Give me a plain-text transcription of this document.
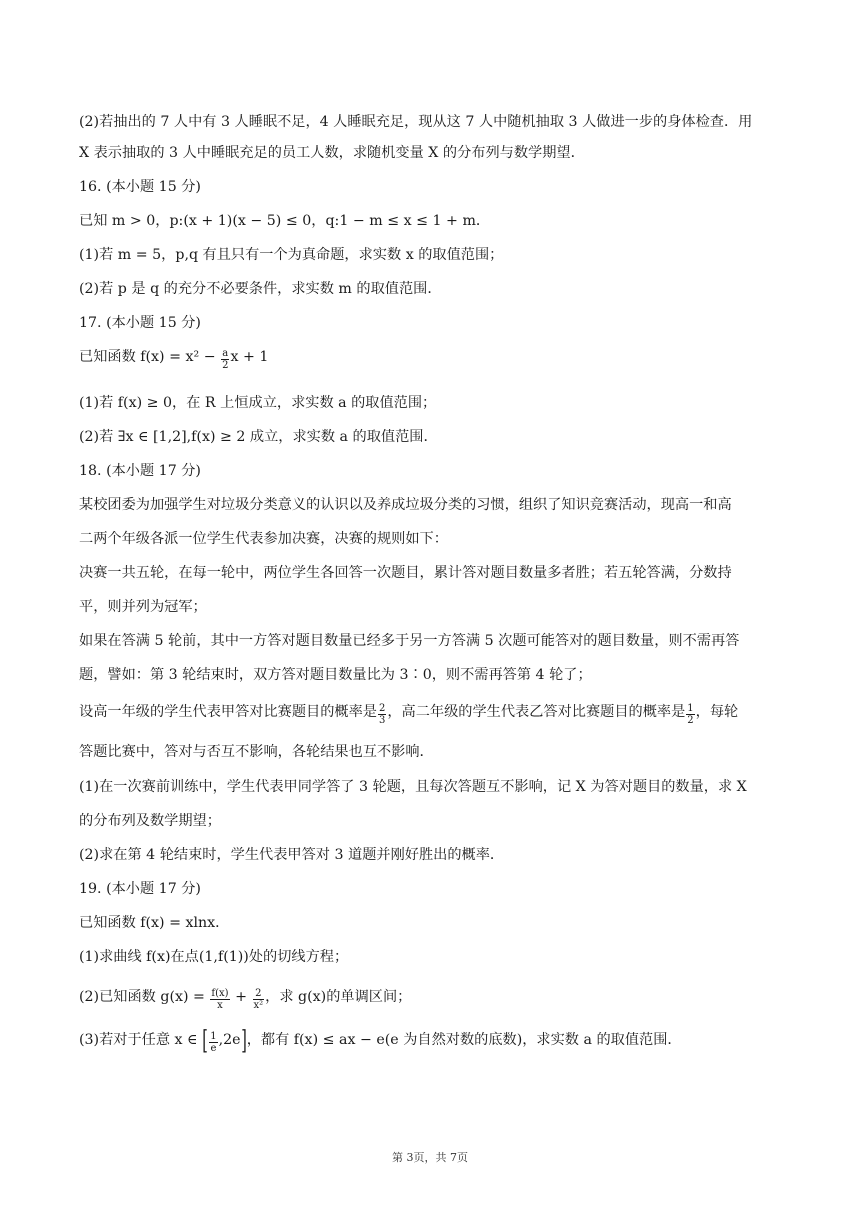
(2)若抽出的 7 人中有 3 人睡眠不足，4 人睡眠充足，现从这 7 人中随机抽取 3 人做进一步的身体检查．用
X 表示抽取的 3 人中睡眠充足的员工人数，求随机变量 X 的分布列与数学期望．
16. (本小题 15 分)
已知 m > 0，p:(x + 1)(x − 5) ≤ 0，q:1 − m ≤ x ≤ 1 + m．
(1)若 m = 5，p,q 有且只有一个为真命题，求实数 x 的取值范围；
(2)若 p 是 q 的充分不必要条件，求实数 m 的取值范围．
17. (本小题 15 分)
已知函数 $f(x) = x^2 - \frac{a}{2}$ x + 1
(1)若 f(x) ≥ 0，在 R 上恒成立，求实数 a 的取值范围；
(2)若 ∃x ∈ [1,2],f(x) ≥ 2 成立，求实数 a 的取值范围．
18. (本小题 17 分)
某校团委为加强学生对垃圾分类意义的认识以及养成垃圾分类的习惯，组织了知识竞赛活动，现高一和高
二两个年级各派一位学生代表参加决赛，决赛的规则如下：
决赛一共五轮，在每一轮中，两位学生各回答一次题目，累计答对题目数量多者胜；若五轮答满，分数持
平，则并列为冠军；
如果在答满 5 轮前，其中一方答对题目数量已经多于另一方答满 5 次题可能答对的题目数量，则不需再答
题，譬如：第 3 轮结束时，双方答对题目数量比为 3∶0，则不需再答第 4 轮了；
设高一年级的学生代表甲答对比赛题目的概率是 $\frac{2}{3}$ ，高二年级的学生代表乙答对比赛题目的概率是 $\frac{1}{2}$ ，每轮
答题比赛中，答对与否互不影响，各轮结果也互不影响．
(1)在一次赛前训练中，学生代表甲同学答了 3 轮题，且每次答题互不影响，记 X 为答对题目的数量，求 X
的分布列及数学期望；
(2)求在第 4 轮结束时，学生代表甲答对 3 道题并刚好胜出的概率．
19. (本小题 17 分)
已知函数 f(x) = xlnx．
(1)求曲线 f(x)在点(1,f(1))处的切线方程；
(2)已知函数 $g(x) = \frac{f(x)}{x} + \frac{2}{\text{x²}}$ ，求 g(x)的单调区间；
(3)若对于任意 x ∈ [ $\frac{1}{e} ,2e$]，都有 f(x) ≤ ax − e(e 为自然对数的底数)，求实数 a 的取值范围．
第 3页，共 7页
